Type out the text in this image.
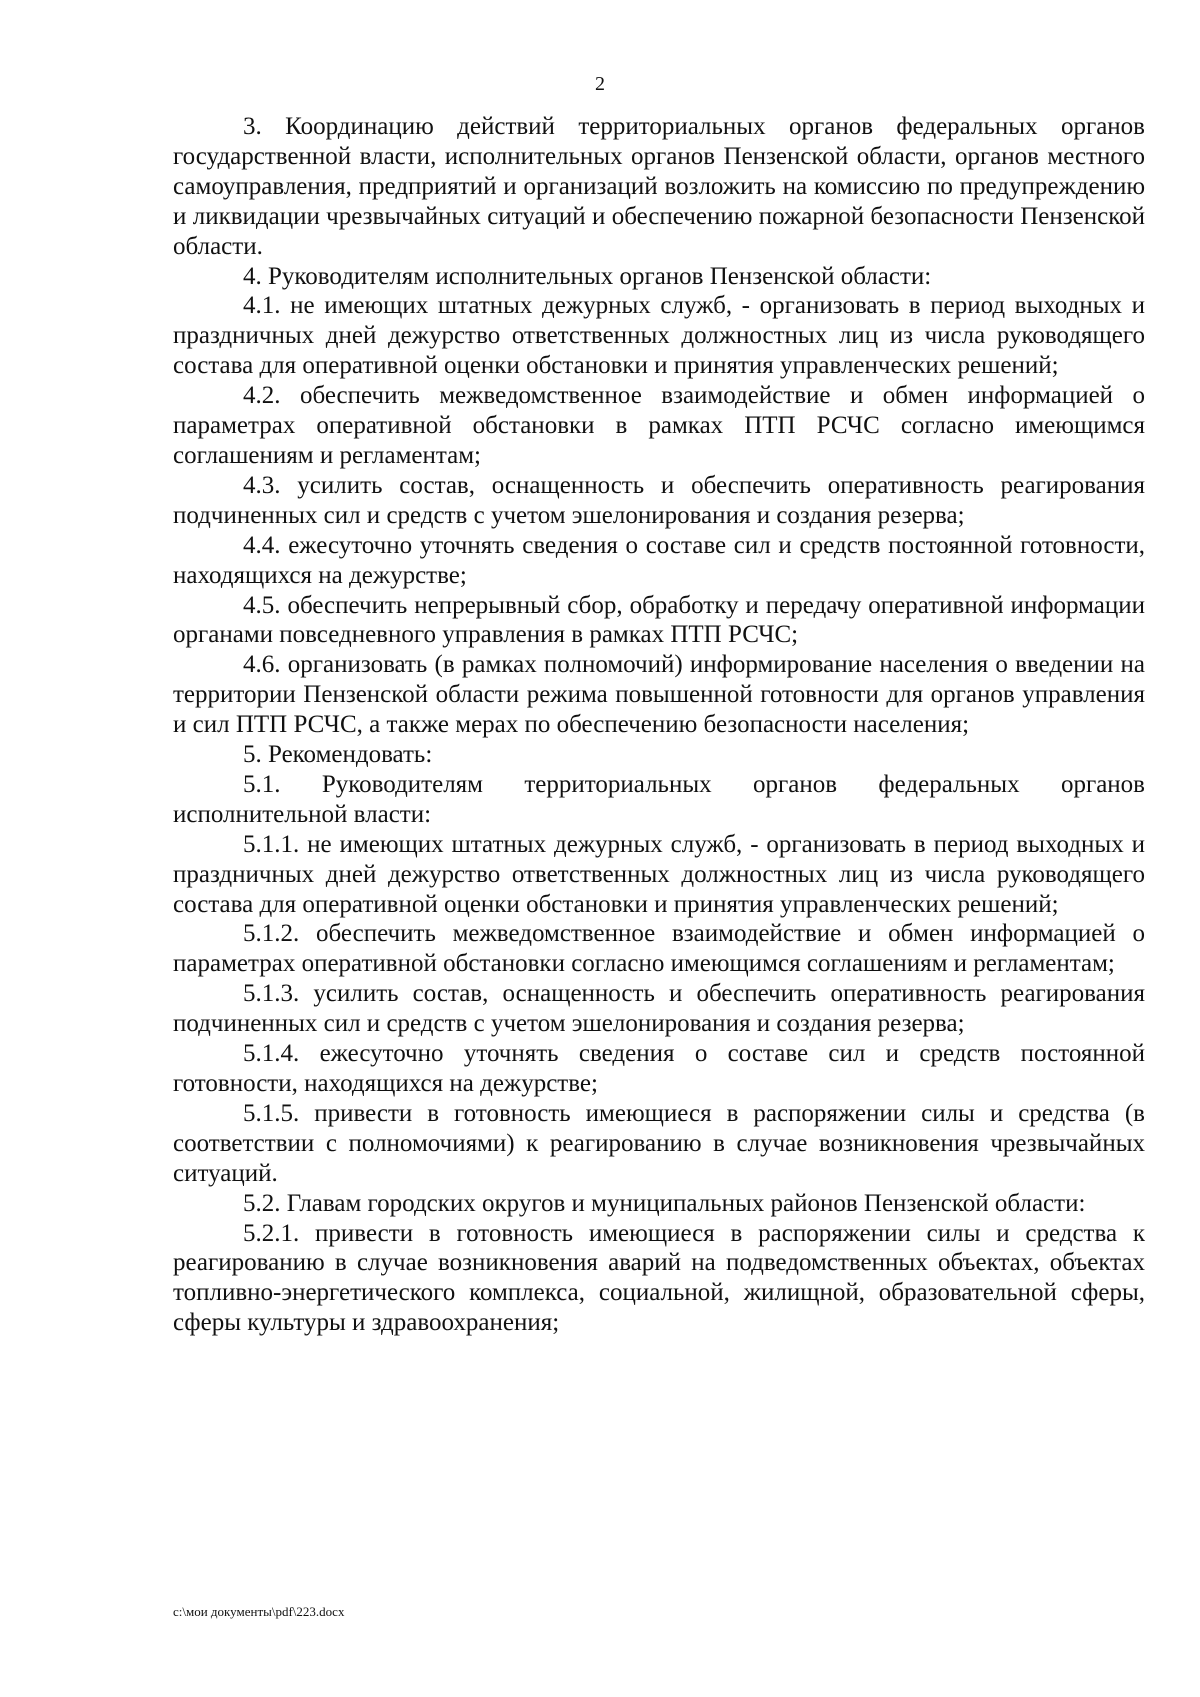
2

3. Координацию действий территориальных органов федеральных органов государственной власти, исполнительных органов Пензенской области, органов местного самоуправления, предприятий и организаций возложить на комиссию по предупреждению и ликвидации чрезвычайных ситуаций и обеспечению пожарной безопасности Пензенской области.

4. Руководителям исполнительных органов Пензенской области:

4.1. не имеющих штатных дежурных служб, - организовать в период выходных и праздничных дней дежурство ответственных должностных лиц из числа руководящего состава для оперативной оценки обстановки и принятия управленческих решений;

4.2. обеспечить межведомственное взаимодействие и обмен информацией о параметрах оперативной обстановки в рамках ПТП РСЧС согласно имеющимся соглашениям и регламентам;

4.3. усилить состав, оснащенность и обеспечить оперативность реагирования подчиненных сил и средств с учетом эшелонирования и создания резерва;

4.4. ежесуточно уточнять сведения о составе сил и средств постоянной готовности, находящихся на дежурстве;

4.5. обеспечить непрерывный сбор, обработку и передачу оперативной информации органами повседневного управления в рамках ПТП РСЧС;

4.6. организовать (в рамках полномочий) информирование населения о введении на территории Пензенской области режима повышенной готовности для органов управления и сил ПТП РСЧС, а также мерах по обеспечению безопасности населения;

5. Рекомендовать:

5.1. Руководителям территориальных органов федеральных органов исполнительной власти:

5.1.1. не имеющих штатных дежурных служб, - организовать в период выходных и праздничных дней дежурство ответственных должностных лиц из числа руководящего состава для оперативной оценки обстановки и принятия управленческих решений;

5.1.2. обеспечить межведомственное взаимодействие и обмен информацией о параметрах оперативной обстановки согласно имеющимся соглашениям и регламентам;

5.1.3. усилить состав, оснащенность и обеспечить оперативность реагирования подчиненных сил и средств с учетом эшелонирования и создания резерва;

5.1.4. ежесуточно уточнять сведения о составе сил и средств постоянной готовности, находящихся на дежурстве;

5.1.5. привести в готовность имеющиеся в распоряжении силы и средства (в соответствии с полномочиями) к реагированию в случае возникновения чрезвычайных ситуаций.

5.2. Главам городских округов и муниципальных районов Пензенской области:

5.2.1. привести в готовность имеющиеся в распоряжении силы и средства к реагированию в случае возникновения аварий на подведомственных объектах, объектах топливно-энергетического комплекса, социальной, жилищной, образовательной сферы, сферы культуры и здравоохранения;

c:\мои документы\pdf\223.docx
